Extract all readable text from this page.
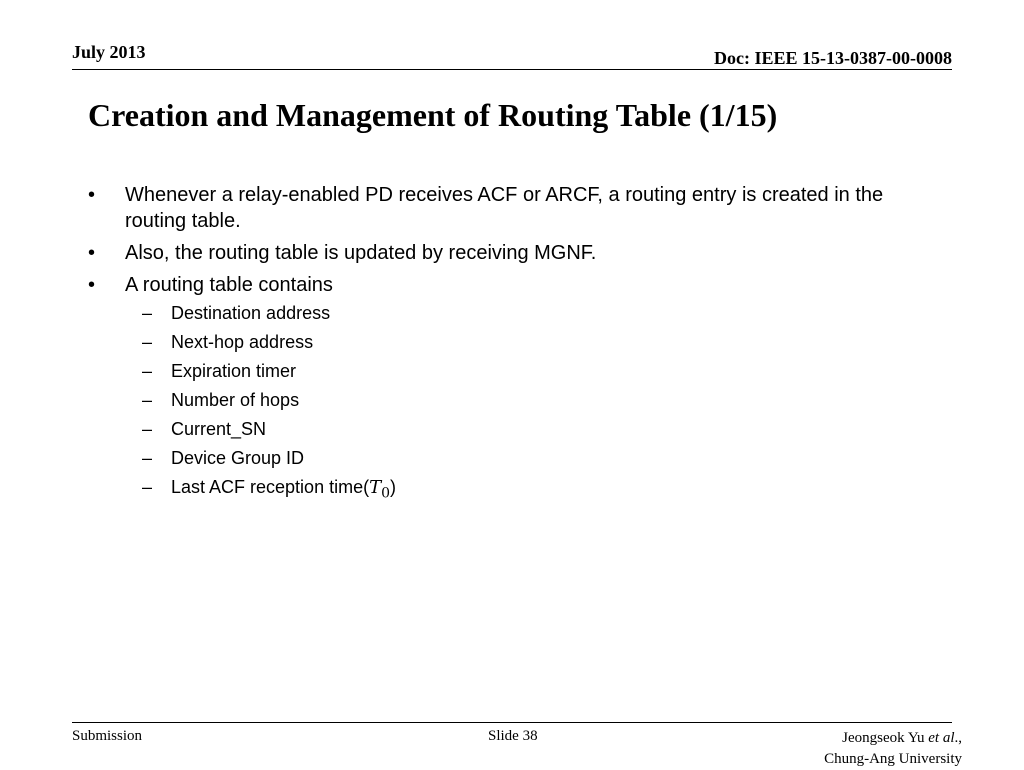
July 2013	Doc: IEEE 15-13-0387-00-0008
Creation and Management of Routing Table (1/15)
• Whenever a relay-enabled PD receives ACF or ARCF, a routing entry is created in the routing table.
• Also, the routing table is updated by receiving MGNF.
• A routing table contains
– Destination address
– Next-hop address
– Expiration timer
– Number of hops
– Current_SN
– Device Group ID
– Last ACF reception $time(T_0)$
Submission	Slide 38	Jeongseok Yu et al.,
Chung-Ang University
